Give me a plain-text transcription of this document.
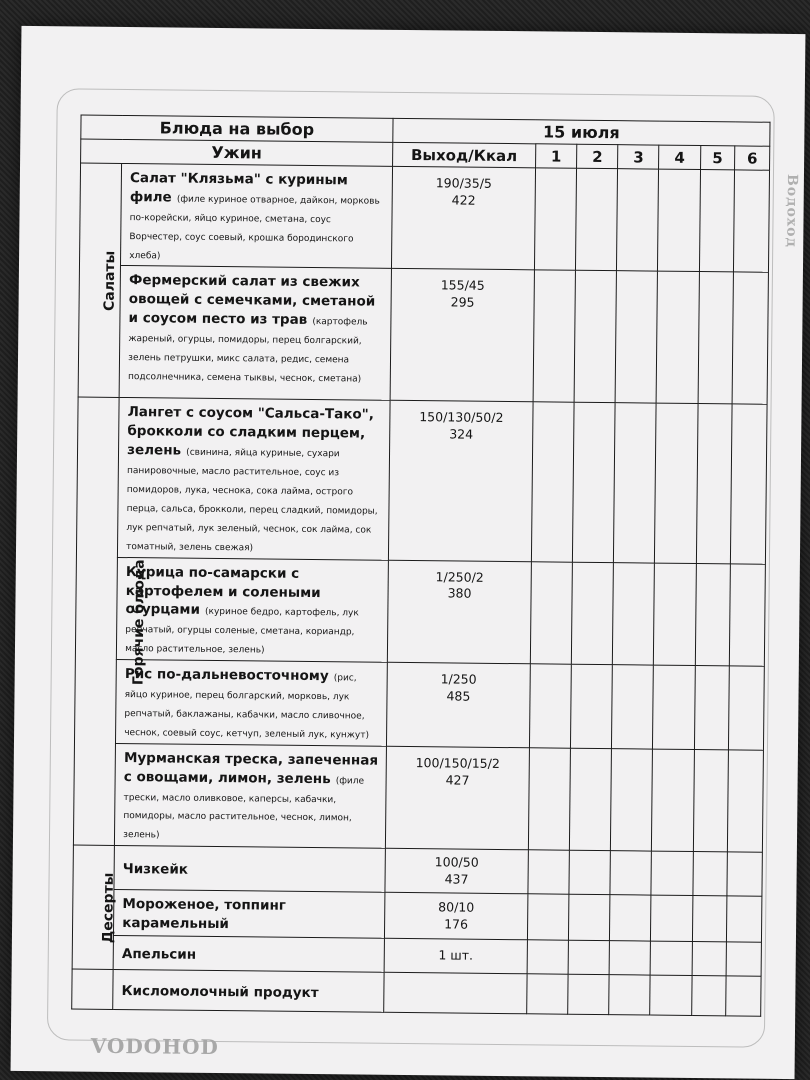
Водоход
VODOHOD
Блюда на выбор		15 июля						
Ужин		Выход/Ккал	1	2	3	4	5	6
Салаты	Салат "Клязьма" с куриным филе (филе куриное отварное, дайкон, морковь по-корейски, яйцо куриное, сметана, соус Ворчестер, соус соевый, крошка бородинского хлеба)	190/35/5
422						

	Фермерский салат из свежих овощей с семечками, сметаной и соусом песто из трав (картофель жареный, огурцы, помидоры, перец болгарский, зелень петрушки, микс салата, редис, семена подсолнечника, семена тыквы, чеснок, сметана)	155/45
295						

Горячие блюда	Лангет с соусом "Сальса-Тако", брокколи со сладким перцем, зелень (свинина, яйца куриные, сухари панировочные, масло растительное, соус из помидоров, лука, чеснока, сока лайма, острого перца, сальса, брокколи, перец сладкий, помидоры, лук репчатый, лук зеленый, чеснок, сок лайма, сок томатный, зелень свежая)	150/130/50/2
324						

	Курица по-самарски с картофелем и солеными огурцами (куриное бедро, картофель, лук репчатый, огурцы соленые, сметана, кориандр, масло растительное, зелень)	1/250/2
380						

	Рис по-дальневосточному (рис, яйцо куриное, перец болгарский, морковь, лук репчатый, баклажаны, кабачки, масло сливочное, чеснок, соевый соус, кетчуп, зеленый лук, кунжут)	1/250
485						

	Мурманская треска, запеченная с овощами, лимон, зелень (филе трески, масло оливковое, каперсы, кабачки, помидоры, масло растительное, чеснок, лимон, зелень)	100/150/15/2
427						

Десерты	Чизкейк	100/50
437						

	Мороженое, топпинг карамельный	80/10
176						

	Апельсин	1 шт.						

	Кисломолочный продукт							
